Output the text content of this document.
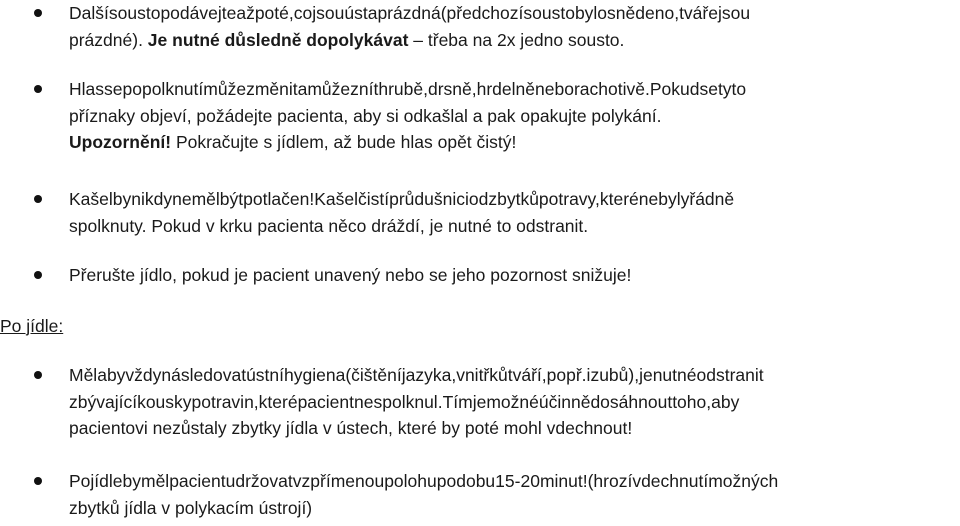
Dalšísoustopodávejteažpoté,cojsouústaprázdná(předchozísoustobylosnědeno,tvářejsou
prázdné). Je nutné důsledně dopolykávat – třeba na 2x jedno sousto.
Hlassepopolknutímůžezměnitamůžezníthrubě,drsně,hrdelněneborachotivě.Pokudsetyto
příznaky objeví, požádejte pacienta, aby si odkašlal a pak opakujte polykání.
Upozornění! Pokračujte s jídlem, až bude hlas opět čistý!
Kašelbynikdynemělbýtpotlačen!Kašelčistíprůdušniciodzbytkůpotravy,kterénebylyřádně
spolknuty. Pokud v krku pacienta něco dráždí, je nutné to odstranit.
Přerušte jídlo, pokud je pacient unavený nebo se jeho pozornost snižuje!
Po jídle:
Mělabyvždynásledovatústníhygiena(čištěníjazyka,vnitřkůtváří,popř.izubů),jenutnéodstranit
zbývajícíkouskypotravin,kterépacientnespolknul.Tímjemožnéúčinnědosáhnouttoho,aby
pacientovi nezůstaly zbytky jídla v ústech, které by poté mohl vdechnout!
Pojídlebymělpacientudržovatvzpřímenoupolohupodobu15-20minut!(hrozívdechnutímožných
zbytků jídla v polykacím ústrojí)
